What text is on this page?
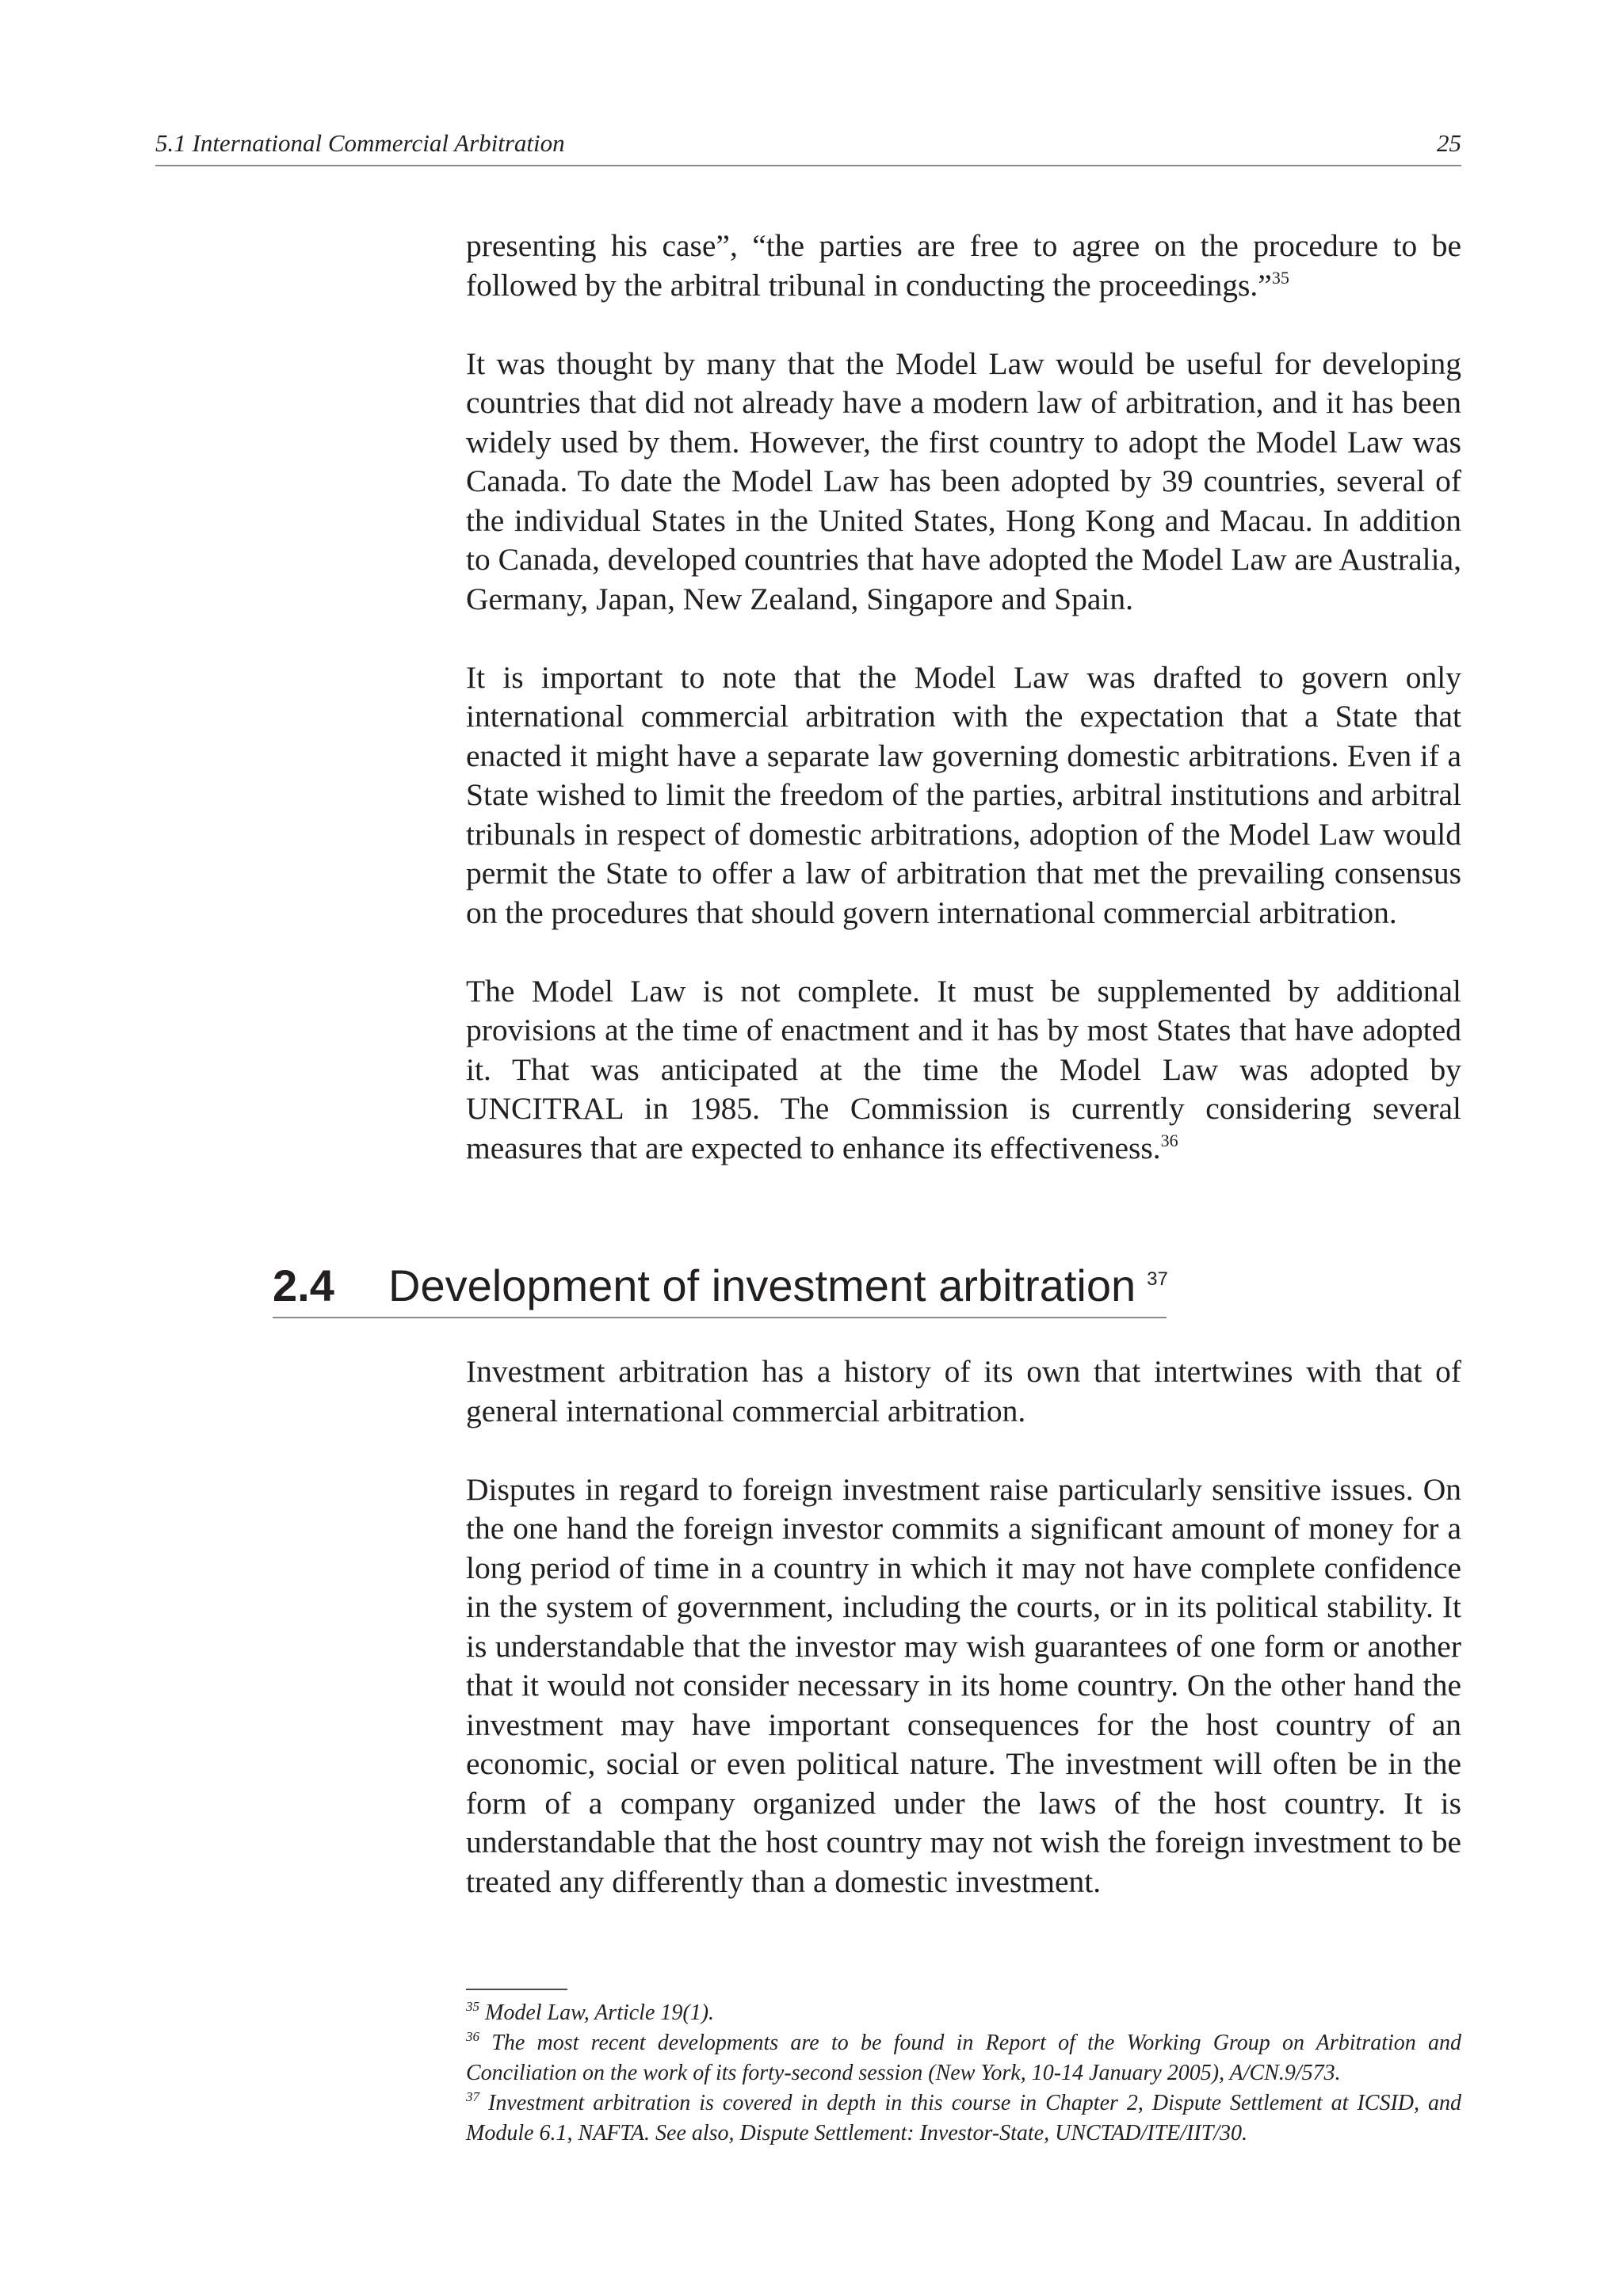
5.1 International Commercial Arbitration	25

presenting his case”, “the parties are free to agree on the procedure to be followed by the arbitral tribunal in conducting the proceedings.”$^{35}$

It was thought by many that the Model Law would be useful for developing countries that did not already have a modern law of arbitration, and it has been widely used by them. However, the first country to adopt the Model Law was Canada. To date the Model Law has been adopted by 39 countries, several of the individual States in the United States, Hong Kong and Macau. In addition to Canada, developed countries that have adopted the Model Law are Australia, Germany, Japan, New Zealand, Singapore and Spain.

It is important to note that the Model Law was drafted to govern only international commercial arbitration with the expectation that a State that enacted it might have a separate law governing domestic arbitrations. Even if a State wished to limit the freedom of the parties, arbitral institutions and arbitral tribunals in respect of domestic arbitrations, adoption of the Model Law would permit the State to offer a law of arbitration that met the prevailing consensus on the procedures that should govern international commercial arbitration.

The Model Law is not complete. It must be supplemented by additional provisions at the time of enactment and it has by most States that have adopted it. That was anticipated at the time the Model Law was adopted by UNCITRAL in 1985. The Commission is currently considering several measures that are expected to enhance its effectiveness.$^{36}$

2.4 Development of investment arbitration $^{37}$

Investment arbitration has a history of its own that intertwines with that of general international commercial arbitration.

Disputes in regard to foreign investment raise particularly sensitive issues. On the one hand the foreign investor commits a significant amount of money for a long period of time in a country in which it may not have complete confidence in the system of government, including the courts, or in its political stability. It is understandable that the investor may wish guarantees of one form or another that it would not consider necessary in its home country. On the other hand the investment may have important consequences for the host country of an economic, social or even political nature. The investment will often be in the form of a company organized under the laws of the host country. It is understandable that the host country may not wish the foreign investment to be treated any differently than a domestic investment.

$^{35}$ Model Law, Article 19(1).

$^{36}$ The most recent developments are to be found in Report of the Working Group on Arbitration and Conciliation on the work of its forty-second session (New York, 10-14 January 2005), A/CN.9/573.

$^{37}$ Investment arbitration is covered in depth in this course in Chapter 2, Dispute Settlement at ICSID, and Module 6.1, NAFTA. See also, Dispute Settlement: Investor-State, UNCTAD/ITE/IIT/30.
